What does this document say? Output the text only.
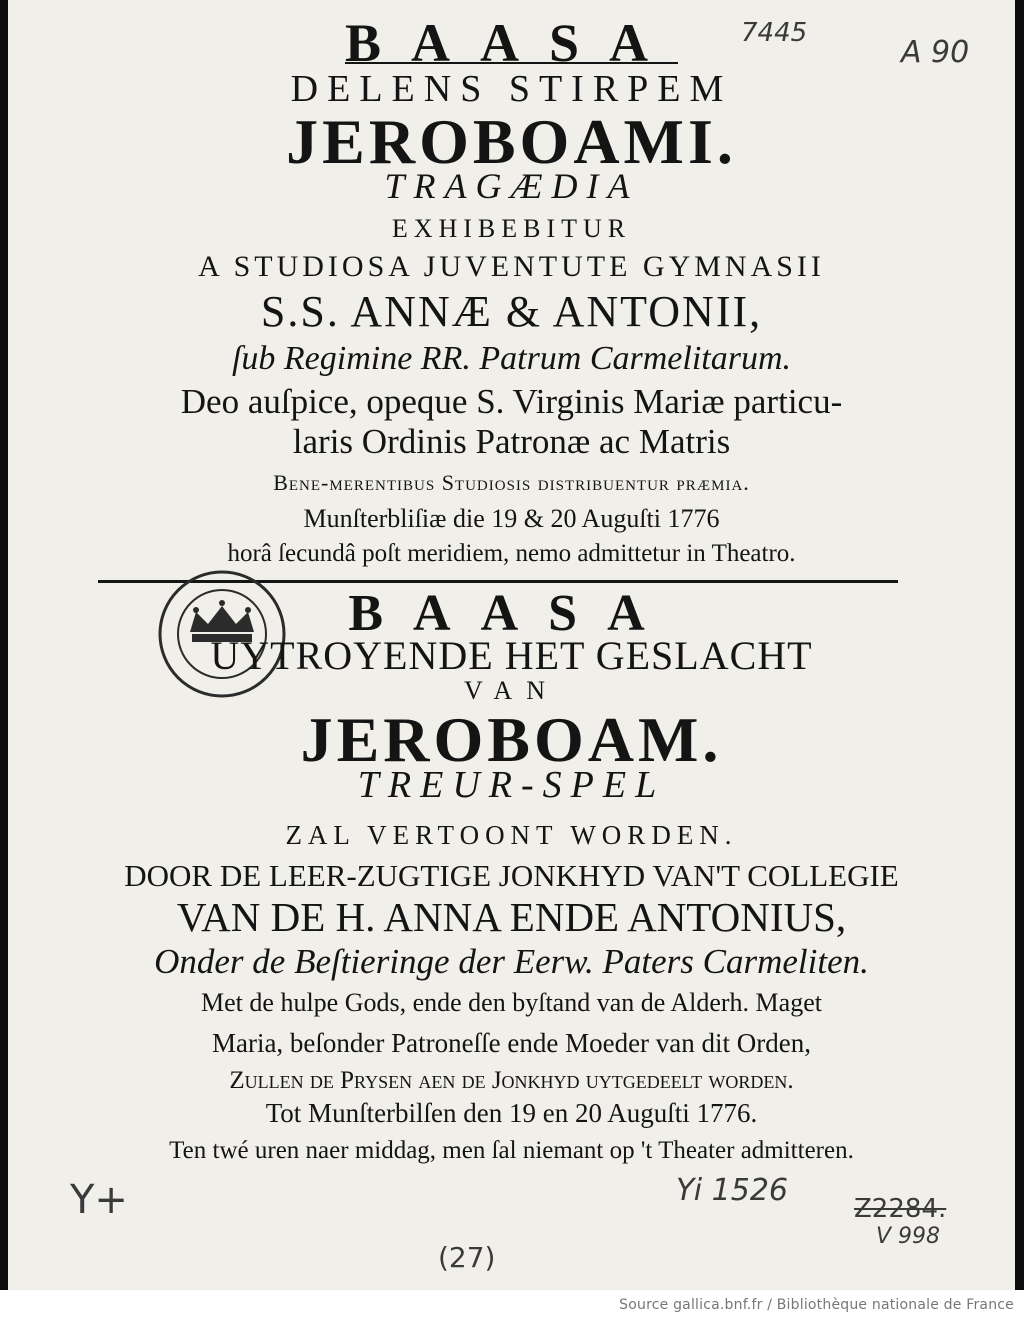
7445
A 90
BAASA
DELENS STIRPEM
JEROBOAMI.
TRAGÆDIA
EXHIBEBITUR
A STUDIOSA JUVENTUTE GYMNASII
S.S. ANNÆ & ANTONII,
ſub Regimine RR. Patrum Carmelitarum.
Deo auſpice, opeque S. Virginis Mariæ particu-
laris Ordinis Patronæ ac Matris
Bene-merentibus Studiosis distribuentur præmia.
Munſterbliſiæ die 19 & 20 Auguſti 1776
horâ ſecundâ poſt meridiem, nemo admittetur in Theatro.
BAASA
UYTROYENDE HET GESLACHT
VAN
JEROBOAM.
TREUR-SPEL
ZAL VERTOONT WORDEN.
DOOR DE LEER-ZUGTIGE JONKHYD VAN'T COLLEGIE
VAN DE H. ANNA ENDE ANTONIUS,
Onder de Beſtieringe der Eerw. Paters Carmeliten.
Met de hulpe Gods, ende den byſtand van de Alderh. Maget
Maria, beſonder Patroneſſe ende Moeder van dit Orden,
Zullen de Prysen aen de Jonkhyd uytgedeelt worden.
Tot Munſterbilſen den 19 en 20 Auguſti 1776.
Ten twé uren naer middag, men ſal niemant op 't Theater admitteren.
Y+	Yi 1526
Z2284.
V 998
(27)
Source gallica.bnf.fr / Bibliothèque nationale de France
